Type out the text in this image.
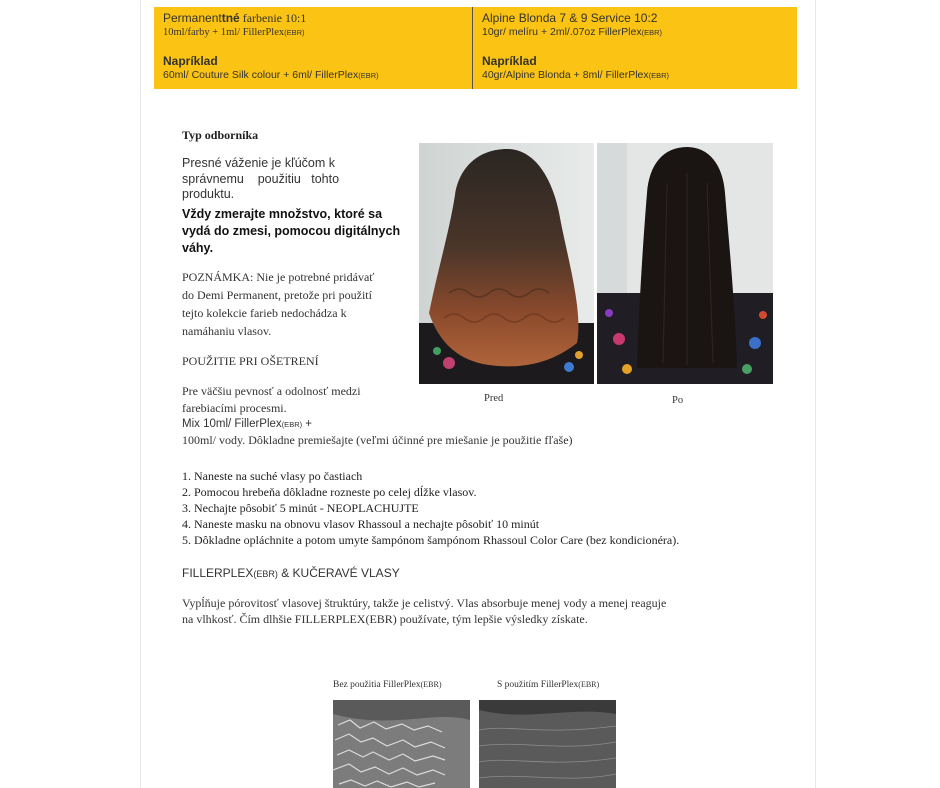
Permanenttné farbenie 10:1
10ml/farby + 1ml/ FillerPlex(EBR)
Napríklad
60ml/ Couture Silk colour + 6ml/ FillerPlex(EBR)
Alpine Blonda 7 & 9 Service 10:2
10gr/ melíru + 2ml/.07oz FillerPlex(EBR)
Napríklad
40gr/Alpine Blonda + 8ml/ FillerPlex(EBR)
Typ odborníka
Presné váženie je kľúčom k
správnemu    použitiu   tohto
produktu.
Vždy zmerajte množstvo, ktoré sa
vydá do zmesi, pomocou digitálnych
váhy.
POZNÁMKA: Nie je potrebné pridávať
do Demi Permanent, pretože pri použití
tejto kolekcie farieb nedochádza k
namáhaniu vlasov.
Pred	Po
POUŽITIE PRI OŠETRENÍ
Pre väčšiu pevnosť a odolnosť medzi
farebiacími procesmi.
Mix 10ml/ FillerPlex(EBR) +
100ml/ vody. Dôkladne premiešajte (veľmi účinné pre miešanie je použitie fľaše)
1. Naneste na suché vlasy po častiach
2. Pomocou hrebeňa dôkladne rozneste po celej dĺžke vlasov.
3. Nechajte pôsobiť 5 minút - NEOPLACHUJTE
4. Naneste masku na obnovu vlasov Rhassoul a nechajte pôsobiť 10 minút
5. Dôkladne opláchnite a potom umyte šampónom šampónom Rhassoul Color Care (bez kondicionéra).
FILLERPLEX(EBR) & KUČERAVÉ VLASY
Vypĺňuje pórovitosť vlasovej štruktúry, takže je celistvý. Vlas absorbuje menej vody a menej reaguje
na vlhkosť. Čím dlhšie FILLERPLEX(EBR) používate, tým lepšie výsledky získate.
Bez použitia FillerPlex(EBR)	S použitím FillerPlex(EBR)
